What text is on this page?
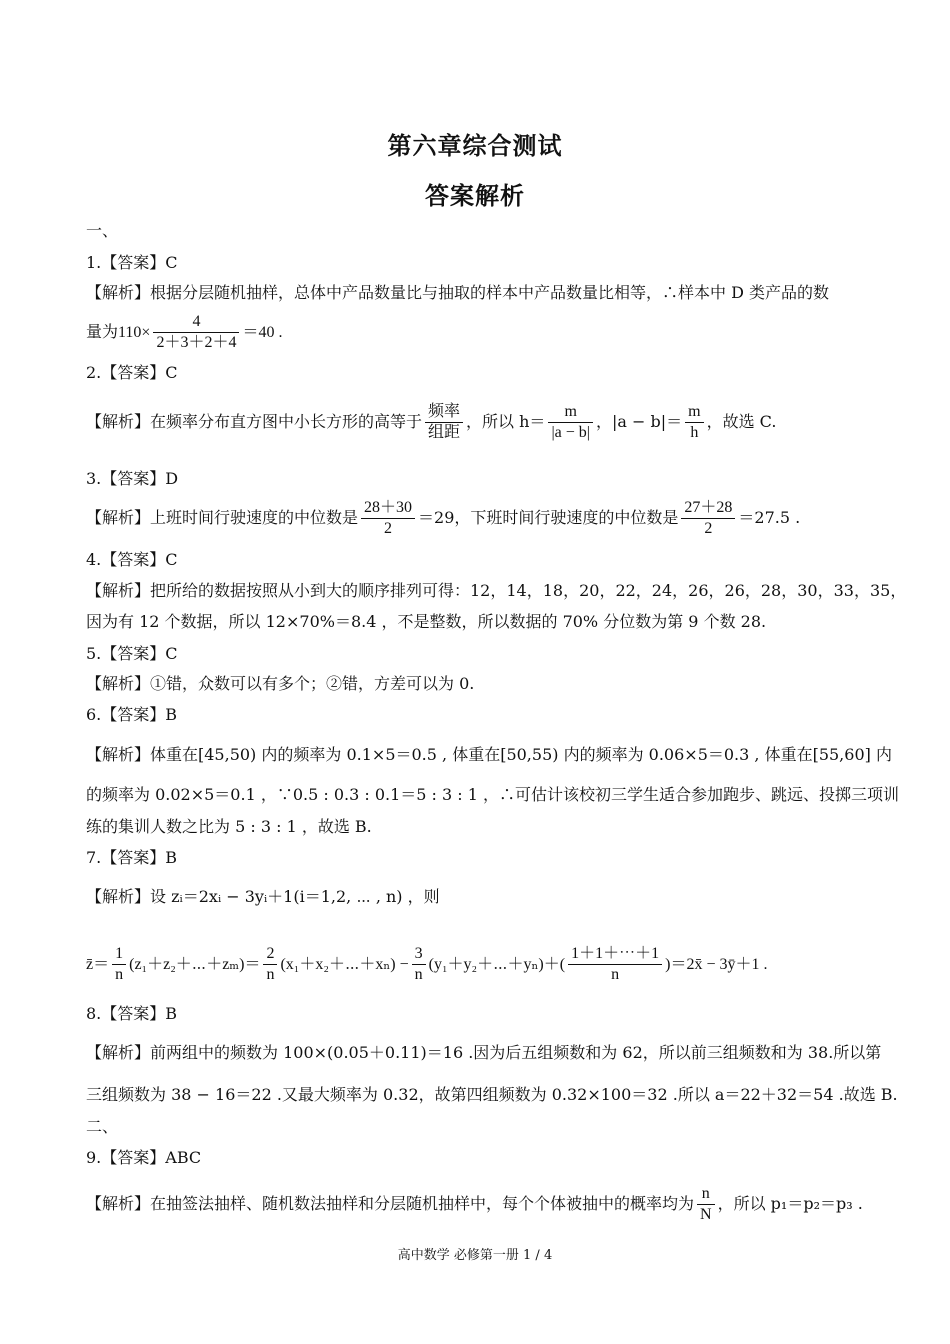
第六章综合测试
答案解析
一、
1.【答案】C
【解析】根据分层随机抽样，总体中产品数量比与抽取的样本中产品数量比相等，∴样本中 D 类产品的数
量为$110\times \frac{4}{2+3+2+4} =40$ .
2.【答案】C
【解析】在频率分布直方图中小长方形的高等于 $\frac{\text{频率}}{\text{组距}}$ ，所以 $h= \frac{m}{|a - b|}$ ，$|a - b|= \frac{m}{h}$ ，故选 C.
3.【答案】D
【解析】上班时间行驶速度的中位数是 $\frac{28+30}{2} =29$，下班时间行驶速度的中位数是 $\frac{27+28}{2} =27.5$ .
4.【答案】C
【解析】把所给的数据按照从小到大的顺序排列可得：12，14，18，20，22，24，26，26，28，30，33，35，
因为有 12 个数据，所以 12×70%＝8.4 ，不是整数，所以数据的 70% 分位数为第 9 个数 28.
5.【答案】C
【解析】①错，众数可以有多个；②错，方差可以为 0.
6.【答案】B
【解析】体重在[45,50) 内的频率为 0.1×5＝0.5 , 体重在[50,55) 内的频率为 0.06×5＝0.3 , 体重在[55,60] 内
的频率为 0.02×5＝0.1 ，∵0.5 : 0.3 : 0.1＝5 : 3 : 1 ，∴可估计该校初三学生适合参加跑步、跳远、投掷三项训
练的集训人数之比为 5 : 3 : 1 ，故选 B.
7.【答案】B
【解析】设 zᵢ＝2xᵢ − 3yᵢ＋1(i＝1,2, ⋯ , n) ，则
z̄＝ $\frac{1}{n}$ (z₁＋z₂＋⋯＋zₘ)＝ $\frac{2}{n}$ (x₁＋x₂＋⋯＋xₙ) − $\frac{3}{n}$ (y₁＋y₂＋⋯＋yₙ)＋( $\frac{1+1+\cdots+1}{n}$ )＝2x̄ − 3ȳ＋1 .
8.【答案】B
【解析】前两组中的频数为 100×(0.05＋0.11)＝16 .因为后五组频数和为 62，所以前三组频数和为 38.所以第
三组频数为 38 − 16＝22 .又最大频率为 0.32，故第四组频数为 0.32×100＝32 .所以 a＝22＋32＝54 .故选 B.
二、
9.【答案】ABC
【解析】在抽签法抽样、随机数法抽样和分层随机抽样中，每个个体被抽中的概率均为 $\frac{n}{N}$ ，所以 p₁＝p₂＝p₃ .
高中数学 必修第一册 1 / 4
